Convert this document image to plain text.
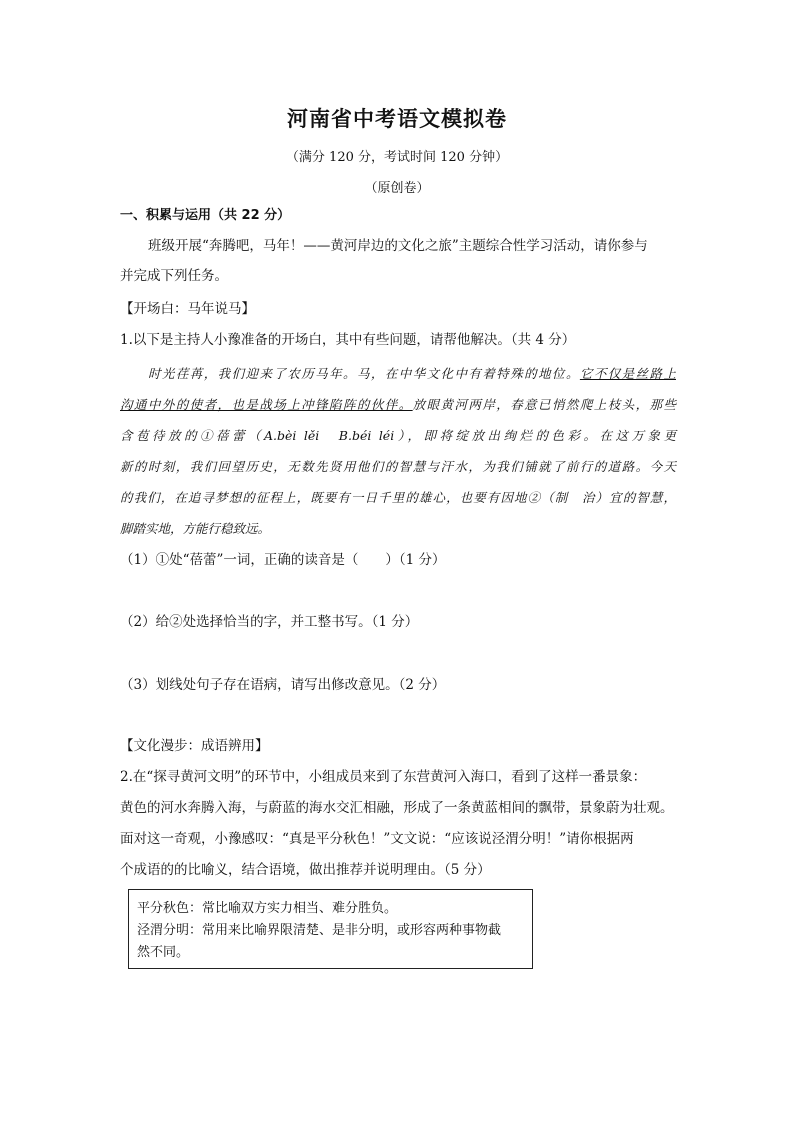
河南省中考语文模拟卷
（满分 120 分，考试时间 120 分钟）
（原创卷）
一、积累与运用（共 22 分）
班级开展“奔腾吧，马年！——黄河岸边的文化之旅”主题综合性学习活动，请你参与
并完成下列任务。
【开场白：马年说马】
1.以下是主持人小豫准备的开场白，其中有些问题，请帮他解决。（共 4 分）
时光荏苒，我们迎来了农历马年。马，在中华文化中有着特殊的地位。它不仅是丝路上
沟通中外的使者，也是战场上冲锋陷阵的伙伴。放眼黄河两岸，春意已悄然爬上枝头，那些
含苞待放的①蓓蕾（A.bèi lěi　B.béi léi），即将绽放出绚烂的色彩。在这万象更
新的时刻，我们回望历史，无数先贤用他们的智慧与汗水，为我们铺就了前行的道路。今天
的我们，在追寻梦想的征程上，既要有一日千里的雄心，也要有因地②（制　治）宜的智慧，
脚踏实地，方能行稳致远。
（1）①处“蓓蕾”一词，正确的读音是（　　）（1 分）
（2）给②处选择恰当的字，并工整书写。（1 分）
（3）划线处句子存在语病，请写出修改意见。（2 分）
【文化漫步：成语辨用】
2.在“探寻黄河文明”的环节中，小组成员来到了东营黄河入海口，看到了这样一番景象：
黄色的河水奔腾入海，与蔚蓝的海水交汇相融，形成了一条黄蓝相间的飘带，景象蔚为壮观。
面对这一奇观，小豫感叹：“真是平分秋色！”文文说：“应该说泾渭分明！”请你根据两
个成语的的比喻义，结合语境，做出推荐并说明理由。（5 分）
平分秋色：常比喻双方实力相当、难分胜负。
泾渭分明：常用来比喻界限清楚、是非分明，或形容两种事物截
然不同。
